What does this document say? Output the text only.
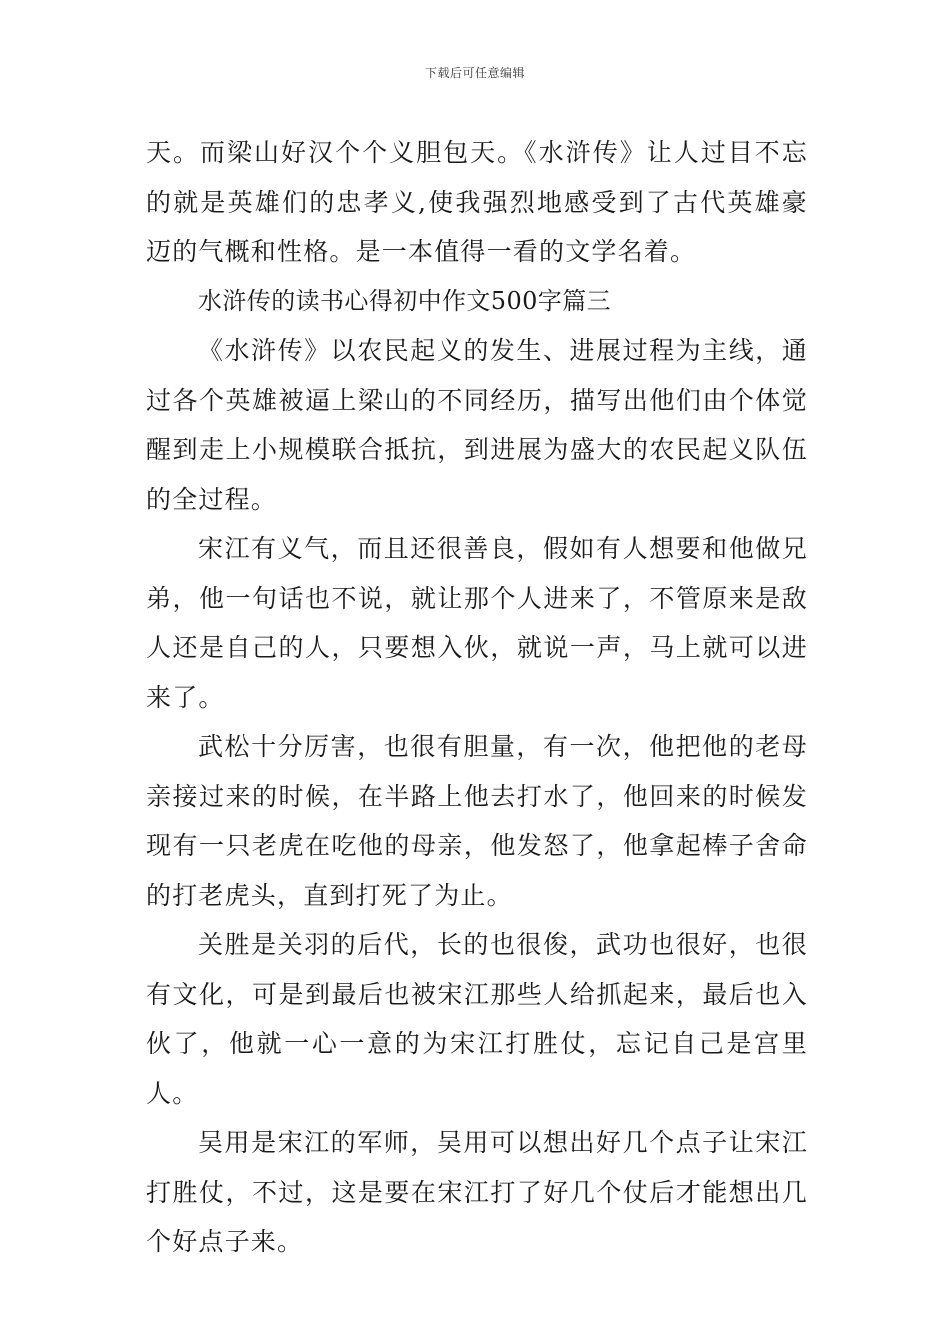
下载后可任意编辑

天。而梁山好汉个个义胆包天。《水浒传》让人过目不忘的就是英雄们的忠孝义,使我强烈地感受到了古代英雄豪迈的气概和性格。是一本值得一看的文学名着。

水浒传的读书心得初中作文500字篇三

《水浒传》以农民起义的发生、进展过程为主线，通过各个英雄被逼上梁山的不同经历，描写出他们由个体觉醒到走上小规模联合抵抗，到进展为盛大的农民起义队伍的全过程。

宋江有义气，而且还很善良，假如有人想要和他做兄弟，他一句话也不说，就让那个人进来了，不管原来是敌人还是自己的人，只要想入伙，就说一声，马上就可以进来了。

武松十分厉害，也很有胆量，有一次，他把他的老母亲接过来的时候，在半路上他去打水了，他回来的时候发现有一只老虎在吃他的母亲，他发怒了，他拿起棒子舍命的打老虎头，直到打死了为止。

关胜是关羽的后代，长的也很俊，武功也很好，也很有文化，可是到最后也被宋江那些人给抓起来，最后也入伙了，他就一心一意的为宋江打胜仗，忘记自己是宫里人。

吴用是宋江的军师，吴用可以想出好几个点子让宋江打胜仗，不过，这是要在宋江打了好几个仗后才能想出几个好点子来。
